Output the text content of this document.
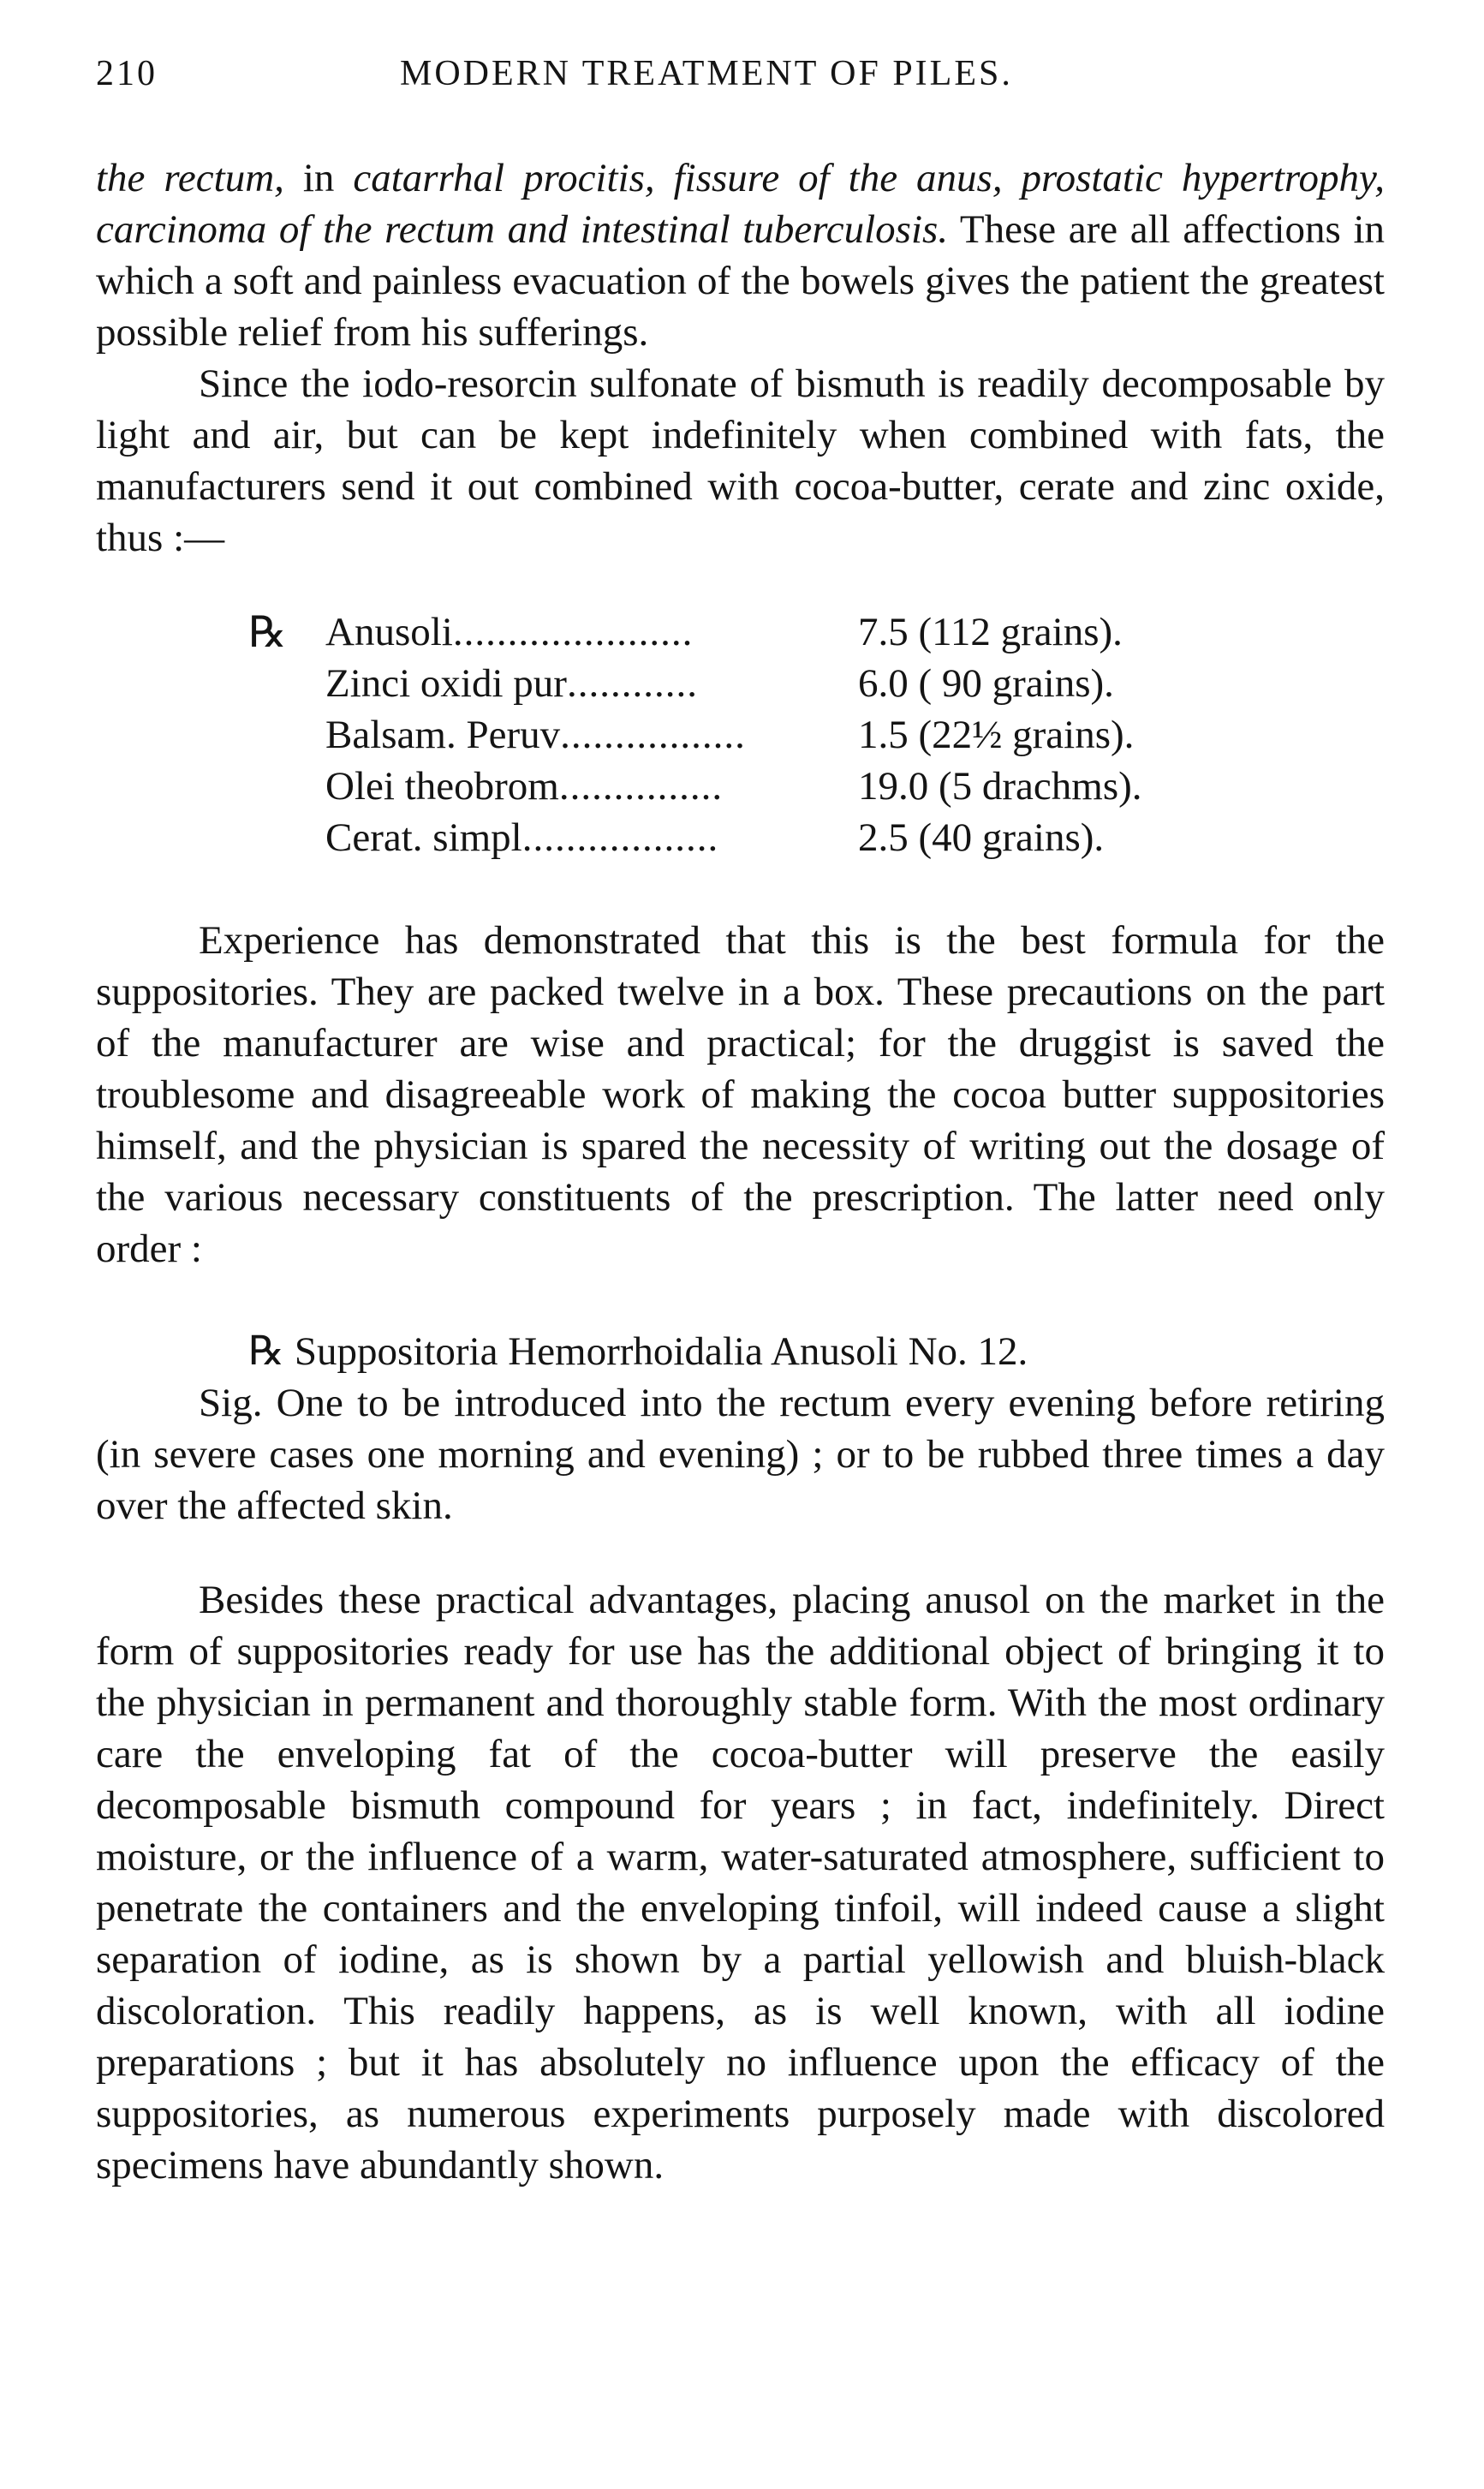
210	MODERN TREATMENT OF PILES.

the rectum, in catarrhal procitis, fissure of the anus, prostatic hypertrophy, carcinoma of the rectum and intestinal tuberculosis. These are all affections in which a soft and painless evacuation of the bowels gives the patient the greatest possible relief from his sufferings.

Since the iodo-resorcin sulfonate of bismuth is readily decomposable by light and air, but can be kept indefinitely when combined with fats, the manufacturers send it out combined with cocoa-butter, cerate and zinc oxide, thus :—

℞ Anusoli......................	7.5 (112 grains).
Zinci oxidi pur............	6.0 ( 90 grains).
Balsam. Peruv.................	1.5 (22½ grains).
Olei theobrom...............	19.0 (5 drachms).
Cerat. simpl..................	2.5 (40 grains).

Experience has demonstrated that this is the best formula for the suppositories. They are packed twelve in a box. These precautions on the part of the manufacturer are wise and practical; for the druggist is saved the troublesome and disagreeable work of making the cocoa butter suppositories himself, and the physician is spared the necessity of writing out the dosage of the various necessary constituents of the prescription. The latter need only order :

℞ Suppositoria Hemorrhoidalia Anusoli No. 12.

Sig. One to be introduced into the rectum every evening before retiring (in severe cases one morning and evening) ; or to be rubbed three times a day over the affected skin.

Besides these practical advantages, placing anusol on the market in the form of suppositories ready for use has the additional object of bringing it to the physician in permanent and thoroughly stable form. With the most ordinary care the enveloping fat of the cocoa-butter will preserve the easily decomposable bismuth compound for years ; in fact, indefinitely. Direct moisture, or the influence of a warm, water-saturated atmosphere, sufficient to penetrate the containers and the enveloping tinfoil, will indeed cause a slight separation of iodine, as is shown by a partial yellowish and bluish-black discoloration. This readily happens, as is well known, with all iodine preparations ; but it has absolutely no influence upon the efficacy of the suppositories, as numerous experiments purposely made with discolored specimens have abundantly shown.
